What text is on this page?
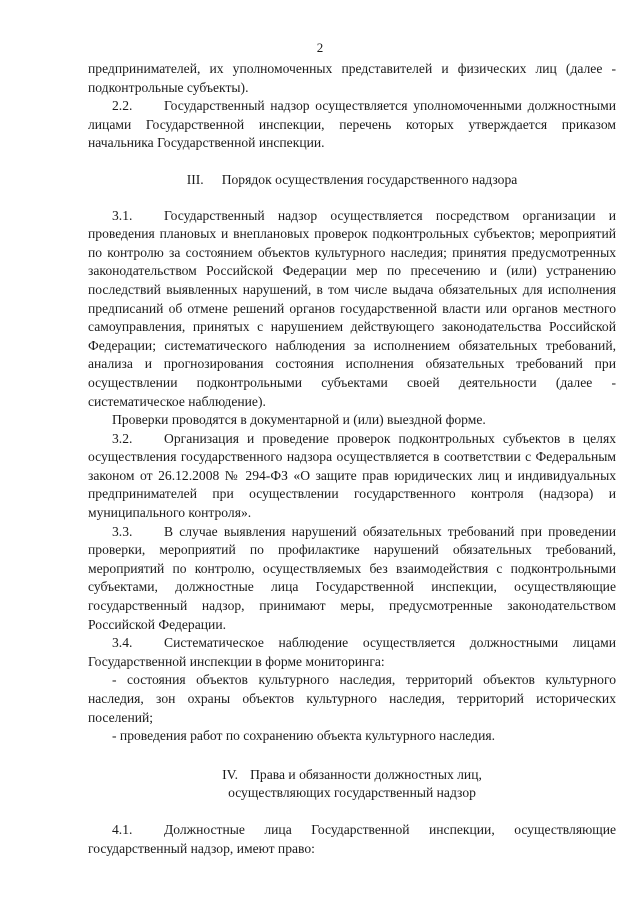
2

предпринимателей, их уполномоченных представителей и физических лиц (далее - подконтрольные субъекты).

2.2. Государственный надзор осуществляется уполномоченными должностными лицами Государственной инспекции, перечень которых утверждается приказом начальника Государственной инспекции.

III. Порядок осуществления государственного надзора

3.1. Государственный надзор осуществляется посредством организации и проведения плановых и внеплановых проверок подконтрольных субъектов; мероприятий по контролю за состоянием объектов культурного наследия; принятия предусмотренных законодательством Российской Федерации мер по пресечению и (или) устранению последствий выявленных нарушений, в том числе выдача обязательных для исполнения предписаний об отмене решений органов государственной власти или органов местного самоуправления, принятых с нарушением действующего законодательства Российской Федерации; систематического наблюдения за исполнением обязательных требований, анализа и прогнозирования состояния исполнения обязательных требований при осуществлении подконтрольными субъектами своей деятельности (далее - систематическое наблюдение).

Проверки проводятся в документарной и (или) выездной форме.

3.2. Организация и проведение проверок подконтрольных субъектов в целях осуществления государственного надзора осуществляется в соответствии с Федеральным законом от 26.12.2008 № 294-ФЗ «О защите прав юридических лиц и индивидуальных предпринимателей при осуществлении государственного контроля (надзора) и муниципального контроля».

3.3. В случае выявления нарушений обязательных требований при проведении проверки, мероприятий по профилактике нарушений обязательных требований, мероприятий по контролю, осуществляемых без взаимодействия с подконтрольными субъектами, должностные лица Государственной инспекции, осуществляющие государственный надзор, принимают меры, предусмотренные законодательством Российской Федерации.

3.4. Систематическое наблюдение осуществляется должностными лицами Государственной инспекции в форме мониторинга:

- состояния объектов культурного наследия, территорий объектов культурного наследия, зон охраны объектов культурного наследия, территорий исторических поселений;

- проведения работ по сохранению объекта культурного наследия.

IV. Права и обязанности должностных лиц,
осуществляющих государственный надзор

4.1. Должностные лица Государственной инспекции, осуществляющие государственный надзор, имеют право:
